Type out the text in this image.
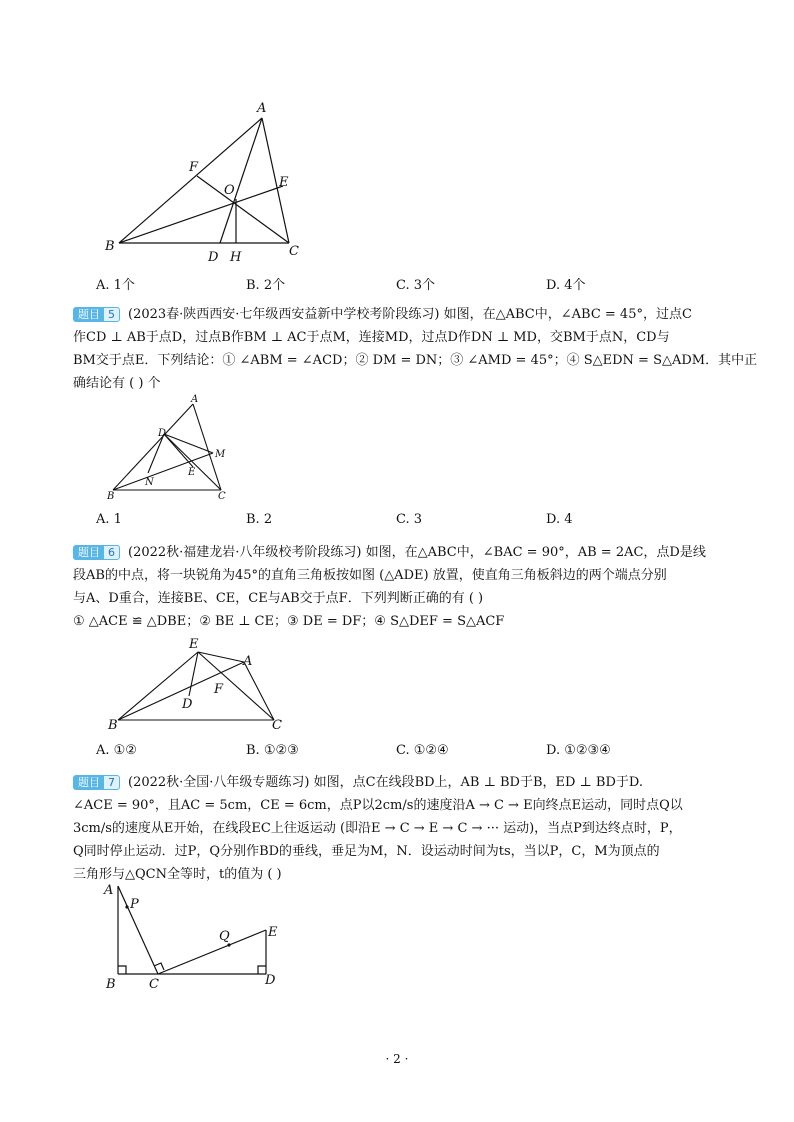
A
F
E
O
B
D H	C
A. 1个	B. 2个	C. 3个	D. 4个
题目 5	(2023春·陕西西安·七年级西安益新中学校考阶段练习) 如图，在△ABC中，∠ABC = 45°，过点C
作CD ⊥ AB于点D，过点B作BM ⊥ AC于点M，连接MD，过点D作DN ⊥ MD，交BM于点N，CD与
BM交于点E．下列结论：① ∠ABM = ∠ACD；② DM = DN；③ ∠AMD = 45°；④ S△EDN = S△ADM．其中正
确结论有 ( ) 个
A
D
M
E
N
B	C
A. 1	B. 2	C. 3	D. 4
题目 6	(2022秋·福建龙岩·八年级校考阶段练习) 如图，在△ABC中，∠BAC = 90°，AB = 2AC，点D是线
段AB的中点，将一块锐角为45°的直角三角板按如图 (△ADE) 放置，使直角三角板斜边的两个端点分别
与A、D重合，连接BE、CE，CE与AB交于点F．下列判断正确的有 ( )
① △ACE ≌ △DBE；② BE ⊥ CE；③ DE = DF；④ S△DEF = S△ACF
E
A
F
D
B	C
A. ①②	B. ①②③	C. ①②④	D. ①②③④
题目 7	(2022秋·全国·八年级专题练习) 如图，点C在线段BD上，AB ⊥ BD于B，ED ⊥ BD于D.
∠ACE = 90°，且AC = 5cm，CE = 6cm，点P以2cm/s的速度沿A → C → E向终点E运动，同时点Q以
3cm/s的速度从E开始，在线段EC上往返运动 (即沿E → C → E → C → ··· 运动)，当点P到达终点时，P，
Q同时停止运动．过P，Q分别作BD的垂线，垂足为M，N．设运动时间为ts，当以P，C，M为顶点的
三角形与△QCN全等时，t的值为 ( )
A
P
Q	E
B	C	D
· 2 ·
